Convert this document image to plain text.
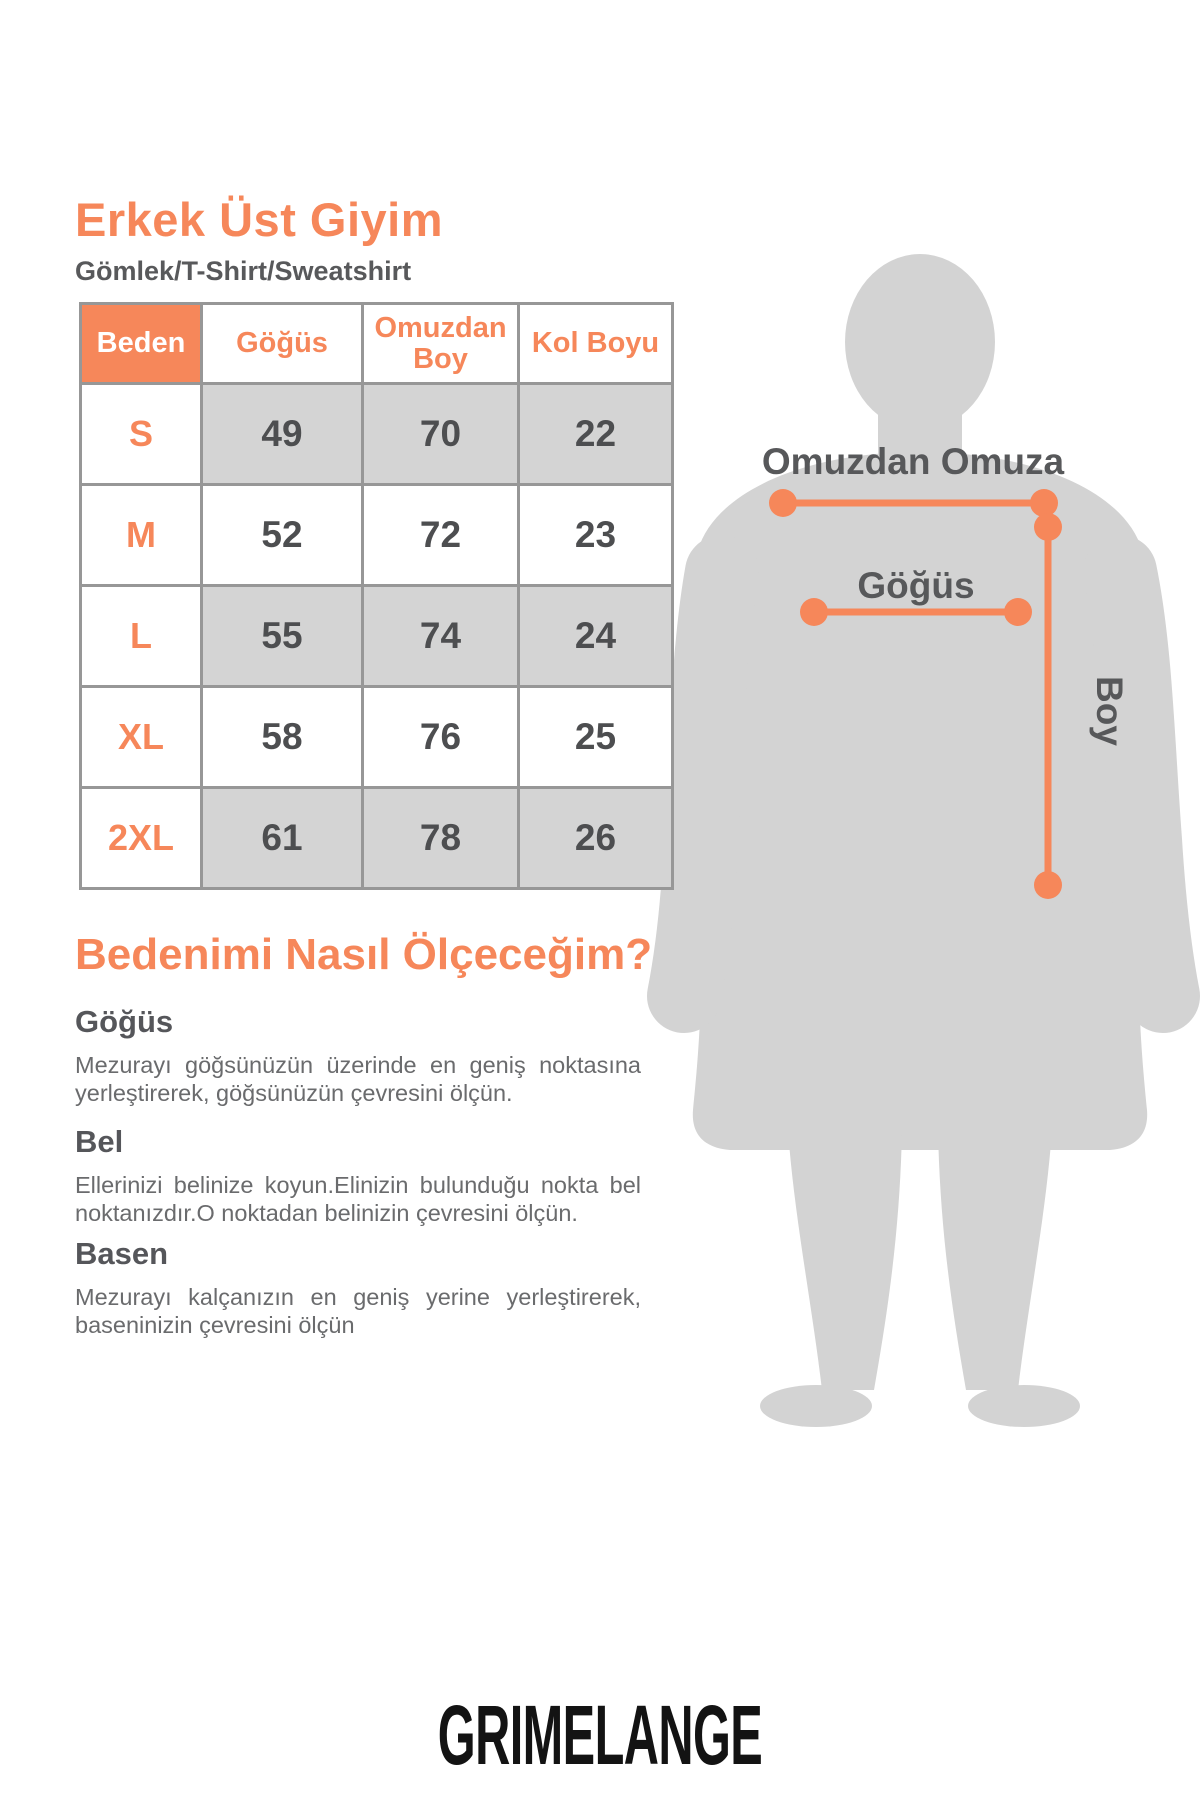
Omuzdan Omuza
Göğüs
Boy
Erkek Üst Giyim
Gömlek/T-Shirt/Sweatshirt
Beden	Göğüs	Omuzdan Boy	Kol Boyu
S	49	70	22
M	52	72	23
L	55	74	24
XL	58	76	25
2XL	61	78	26
Bedenimi Nasıl Ölçeceğim?
Göğüs

Mezurayı göğsünüzün üzerinde en geniş noktasına yerleştirerek, göğsünüzün çevresini ölçün.

Bel

Ellerinizi belinize koyun.Elinizin bulunduğu nokta bel noktanızdır.O noktadan belinizin çevresini ölçün.

Basen

Mezurayı kalçanızın en geniş yerine yerleştirerek, baseninizin çevresini ölçün

GRIMELANGE
